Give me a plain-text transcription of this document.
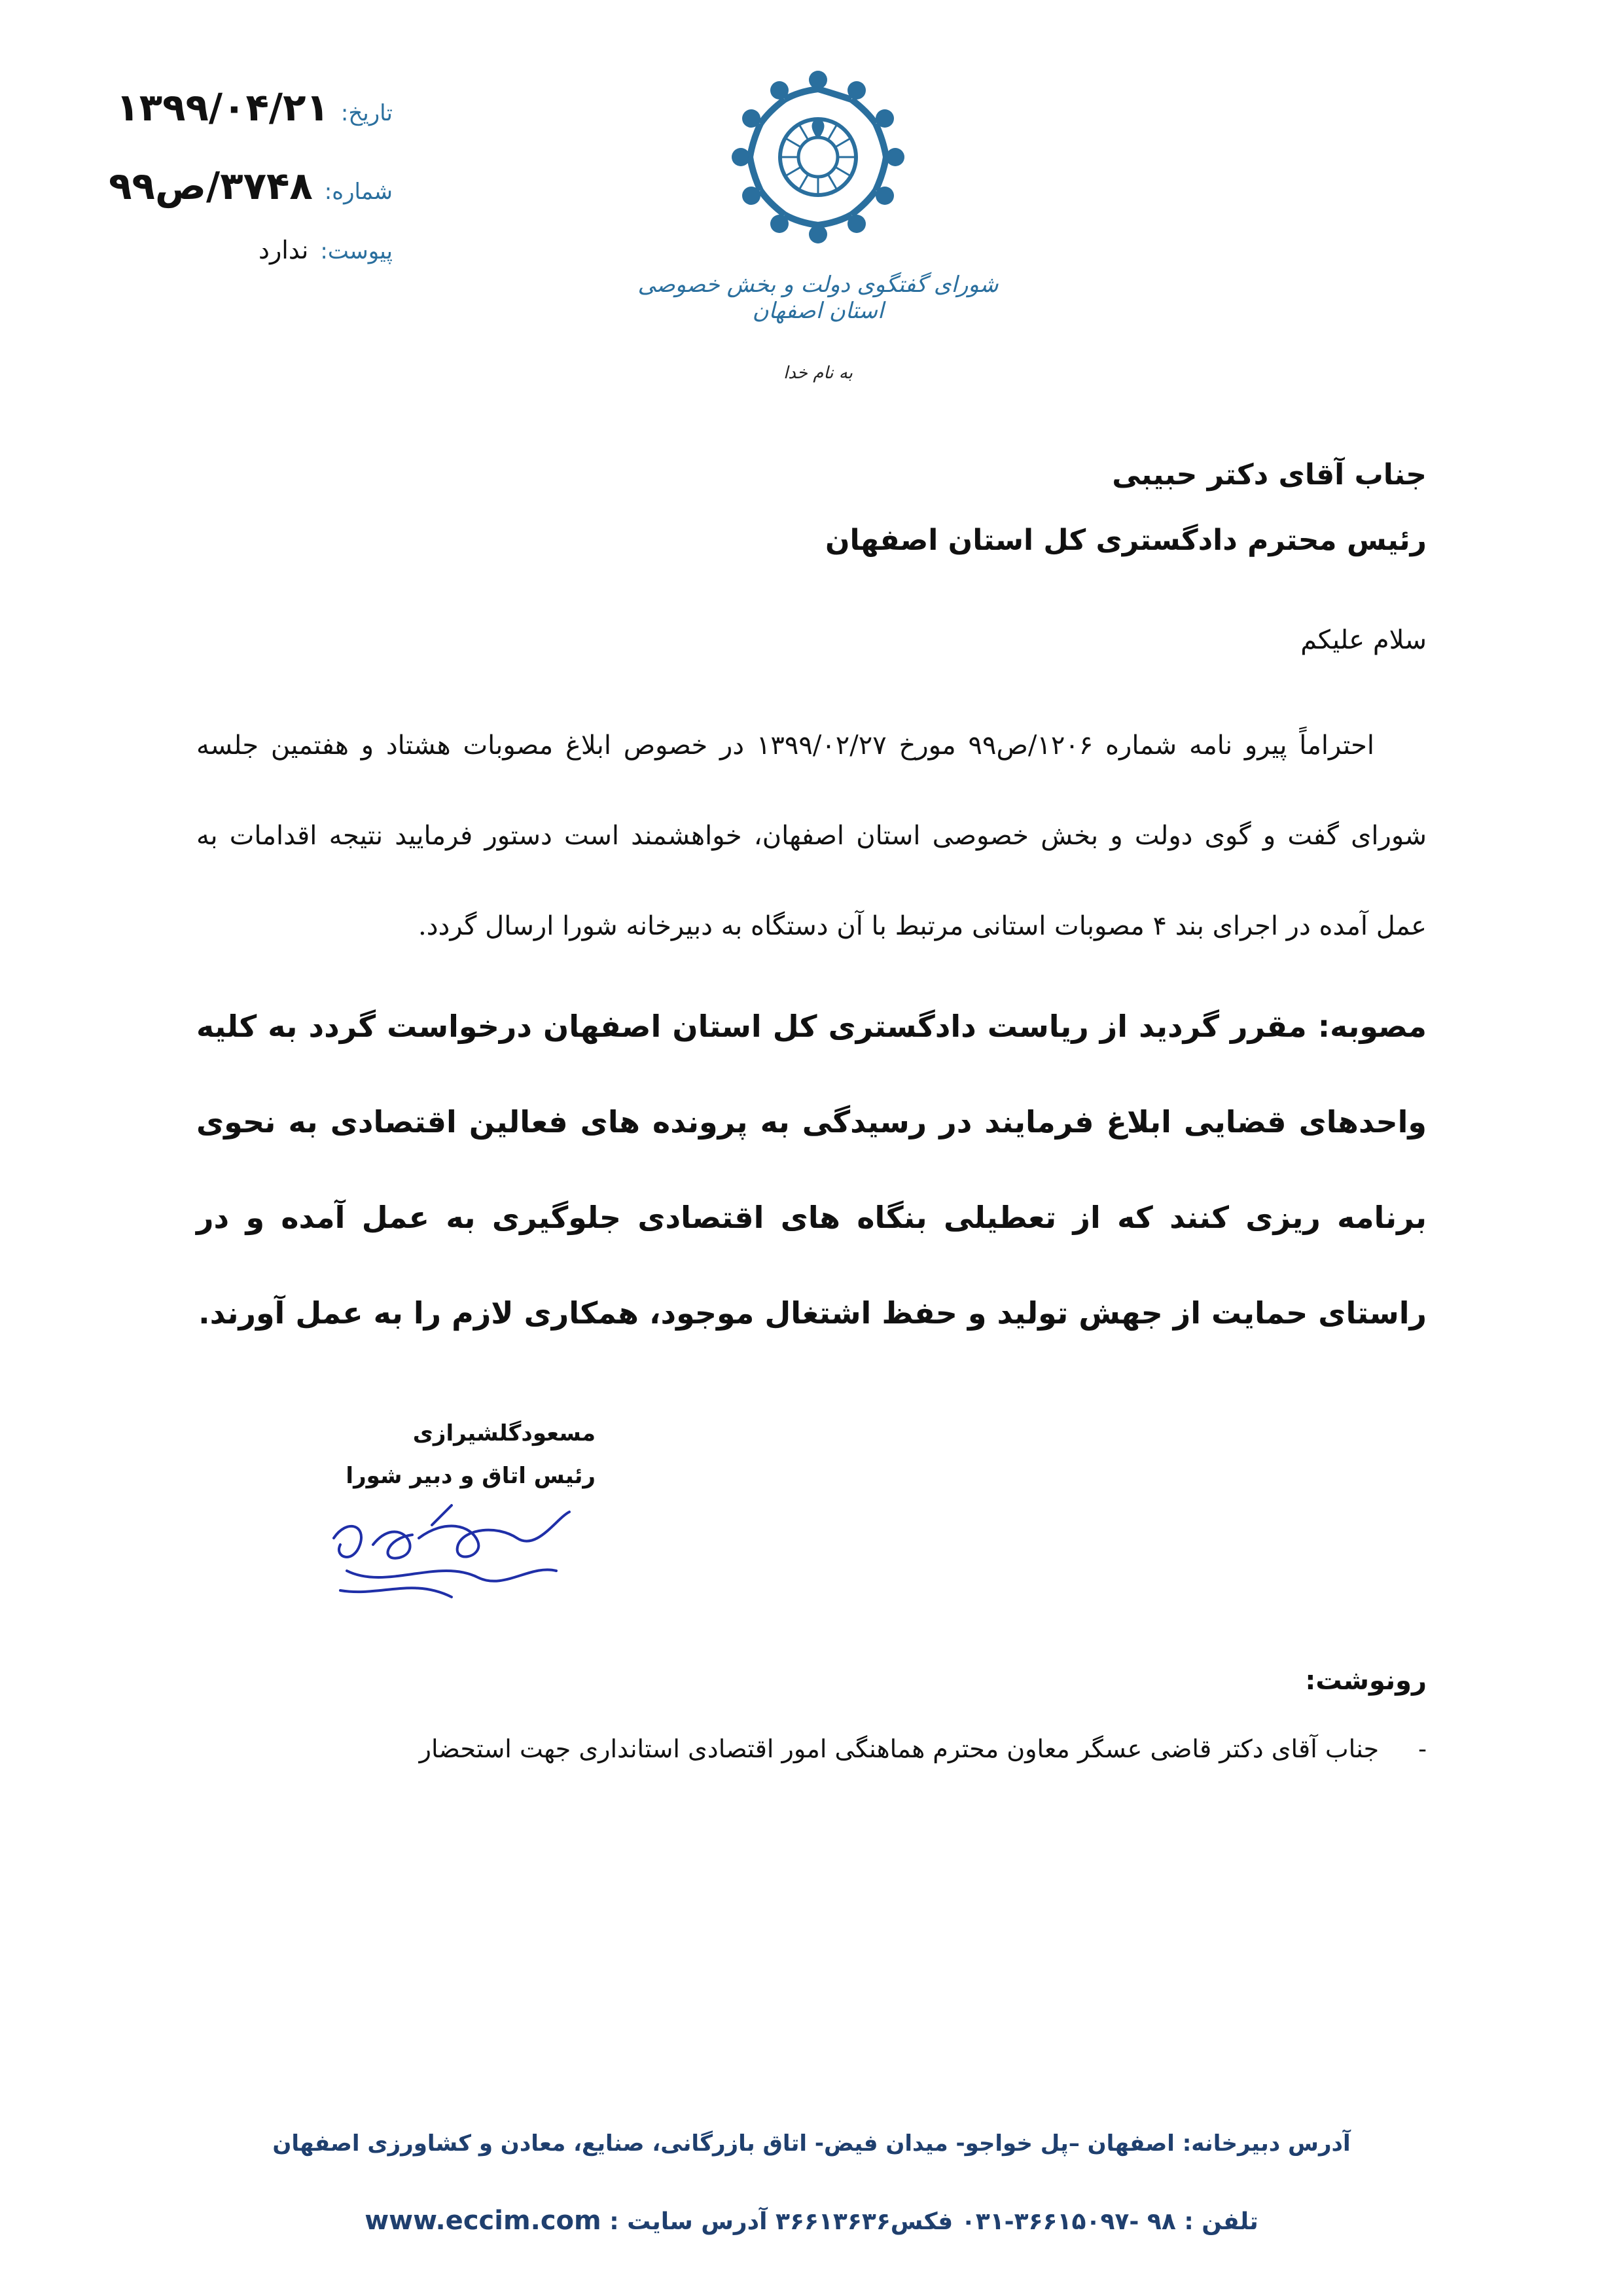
تاریخ:
۱۳۹۹/۰۴/۲۱
شماره:
۳۷۴۸/ص۹۹
پیوست:
ندارد
شورای گفتگوی دولت و بخش خصوصی استان اصفهان
به نام خدا
جناب آقای دکتر حبیبی
رئیس محترم دادگستری کل استان اصفهان
سلام علیکم
احتراماً پیرو نامه شماره ۱۲۰۶/ص۹۹ مورخ ۱۳۹۹/۰۲/۲۷ در خصوص ابلاغ مصوبات هشتاد و هفتمین جلسه شورای گفت و گوی دولت و بخش خصوصی استان اصفهان، خواهشمند است دستور فرمایید نتیجه اقدامات به عمل آمده در اجرای بند ۴ مصوبات استانی مرتبط با آن دستگاه به دبیرخانه شورا ارسال گردد.
مصوبه: مقرر گردید از ریاست دادگستری کل استان اصفهان درخواست گردد به کلیه واحدهای قضایی ابلاغ فرمایند در رسیدگی به پرونده های فعالین اقتصادی به نحوی برنامه ریزی کنند که از تعطیلی بنگاه های اقتصادی جلوگیری به عمل آمده و در راستای حمایت از جهش تولید و حفظ اشتغال موجود، همکاری لازم را به عمل آورند.
مسعودگلشیرازی
رئیس اتاق و دبیر شورا
رونوشت:
-
جناب آقای دکتر قاضی عسگر معاون محترم هماهنگی امور اقتصادی استانداری جهت استحضار
آدرس دبیرخانه: اصفهان –پل خواجو- میدان فیض- اتاق بازرگانی، صنایع، معادن و کشاورزی اصفهان
تلفن : ۹۸ -۳۶۶۱۵۰۹۷-۰۳۱ فکس۳۶۶۱۳۶۳۶ آدرس سایت : www.eccim.com
